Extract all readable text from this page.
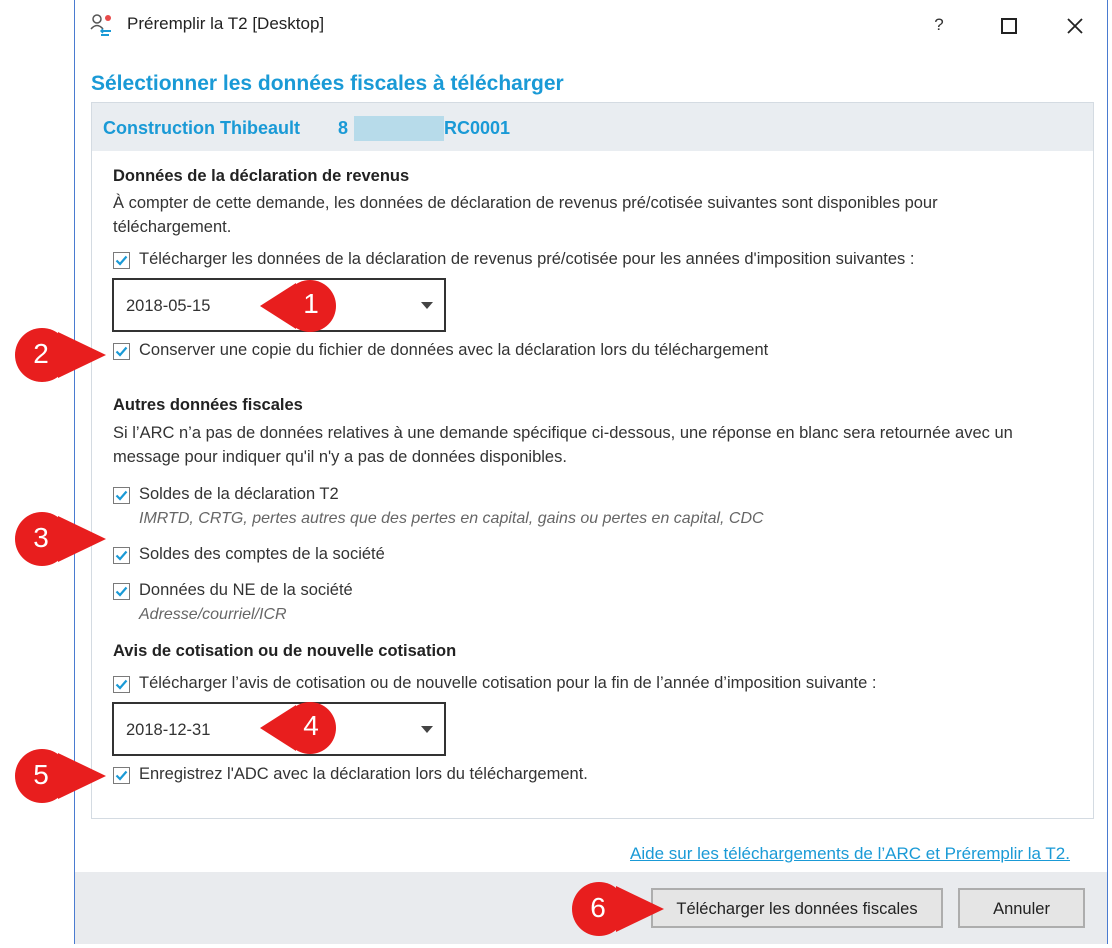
Préremplir la T2 [Desktop]	?
Sélectionner les données fiscales à télécharger
Construction Thibeault 8	RC0001
Données de la déclaration de revenus
À compter de cette demande, les données de déclaration de revenus pré/cotisée suivantes sont disponibles pour téléchargement.
Télécharger les données de la déclaration de revenus pré/cotisée pour les années d'imposition suivantes :
2018-05-15
Conserver une copie du fichier de données avec la déclaration lors du téléchargement
Autres données fiscales
Si l’ARC n’a pas de données relatives à une demande spécifique ci-dessous, une réponse en blanc sera retournée avec un message pour indiquer qu'il n'y a pas de données disponibles.
Soldes de la déclaration T2
IMRTD, CRTG, pertes autres que des pertes en capital, gains ou pertes en capital, CDC
Soldes des comptes de la société
Données du NE de la société
Adresse/courriel/ICR
Avis de cotisation ou de nouvelle cotisation
Télécharger l’avis de cotisation ou de nouvelle cotisation pour la fin de l’année d’imposition suivante :
2018-12-31
Enregistrez l'ADC avec la déclaration lors du téléchargement.
Aide sur les téléchargements de l’ARC et Préremplir la T2.
Télécharger les données fiscales	Annuler
1
2
3
4
5
6
